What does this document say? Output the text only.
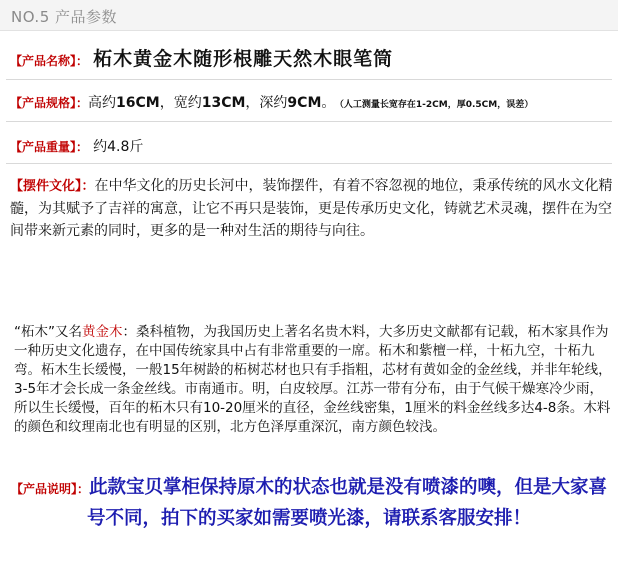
NO.5 产品参数
【产品名称】： 柘木黄金木随形根雕天然木眼笔筒
【产品规格】：高约16CM，宽约13CM，深约9CM。 （人工测量长宽存在1-2CM，厚0.5CM，误差）
【产品重量】： 约4.8斤
【摆件文化】：在中华文化的历史长河中，装饰摆件，有着不容忽视的地位，秉承传统的风水文化精髓，为其赋予了吉祥的寓意，让它不再只是装饰，更是传承历史文化，铸就艺术灵魂，摆件在为空间带来新元素的同时，更多的是一种对生活的期待与向往。
“柘木”又名黄金木：桑科植物，为我国历史上著名名贵木料，大多历史文献都有记载，柘木家具作为一种历史文化遗存，在中国传统家具中占有非常重要的一席。柘木和紫檀一样，十柘九空，十柘九弯。柘木生长缓慢，一般15年树龄的柘树芯材也只有手指粗，芯材有黄如金的金丝线，并非年轮线，3-5年才会长成一条金丝线。市南通市。明，白皮较厚。江苏一带有分布，由于气候干燥寒冷少雨，所以生长缓慢，百年的柘木只有10-20厘米的直径，金丝线密集，1厘米的料金丝线多达4-8条。木料的颜色和纹理南北也有明显的区别，北方色泽厚重深沉，南方颜色较浅。
【产品说明】：此款宝贝掌柜保持原木的状态也就是没有喷漆的噢，但是大家喜号不同，拍下的买家如需要喷光漆，请联系客服安排！
